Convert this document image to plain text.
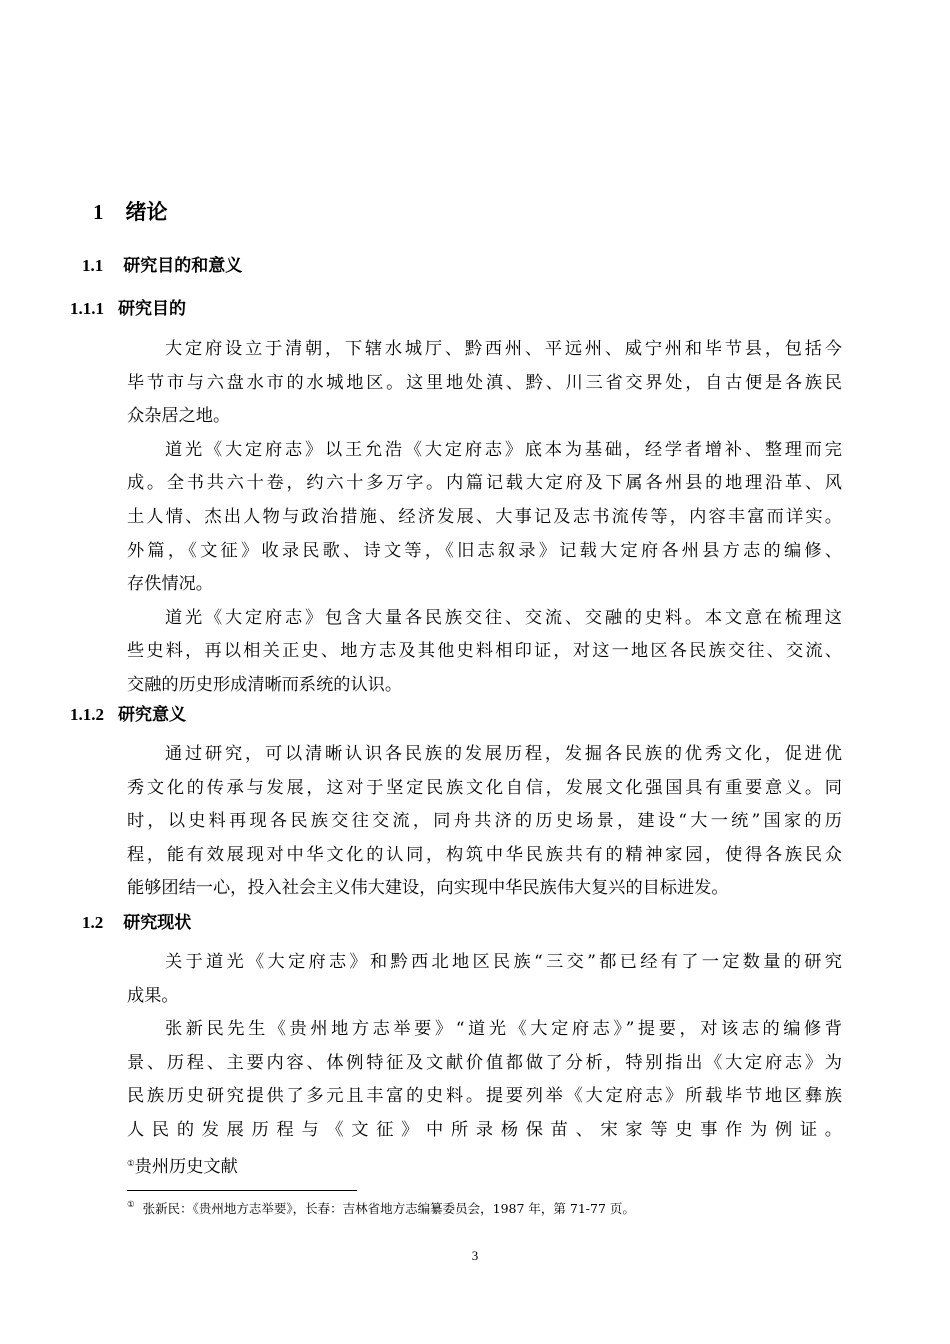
1 绪论
1.1 研究目的和意义
1.1.1 研究目的

大定府设立于清朝，下辖水城厅、黔西州、平远州、威宁州和毕节县，包括今
毕节市与六盘水市的水城地区。这里地处滇、黔、川三省交界处，自古便是各族民
众杂居之地。

道光《大定府志》以王允浩《大定府志》底本为基础，经学者增补、整理而完
成。全书共六十卷，约六十多万字。内篇记载大定府及下属各州县的地理沿革、风
土人情、杰出人物与政治措施、经济发展、大事记及志书流传等，内容丰富而详实。
外篇，《文征》收录民歌、诗文等，《旧志叙录》记载大定府各州县方志的编修、
存佚情况。

道光《大定府志》包含大量各民族交往、交流、交融的史料。本文意在梳理这
些史料，再以相关正史、地方志及其他史料相印证，对这一地区各民族交往、交流、
交融的历史形成清晰而系统的认识。

1.1.2 研究意义

通过研究，可以清晰认识各民族的发展历程，发掘各民族的优秀文化，促进优
秀文化的传承与发展，这对于坚定民族文化自信，发展文化强国具有重要意义。同
时，以史料再现各民族交往交流，同舟共济的历史场景，建设“大一统”国家的历
程，能有效展现对中华文化的认同，构筑中华民族共有的精神家园，使得各族民众
能够团结一心，投入社会主义伟大建设，向实现中华民族伟大复兴的目标进发。

1.2 研究现状

关于道光《大定府志》和黔西北地区民族“三交”都已经有了一定数量的研究
成果。

张新民先生《贵州地方志举要》“道光《大定府志》”提要，对该志的编修背
景、历程、主要内容、体例特征及文献价值都做了分析，特别指出《大定府志》为
民族历史研究提供了多元且丰富的史料。提要列举《大定府志》所载毕节地区彝族
人民的发展历程与《文征》中所录杨保苗、宋家等史事作为例证。
①贵州历史文献

① 张新民：《贵州地方志举要》，长春：吉林省地方志编纂委员会，1987 年，第 71-77 页。
3
